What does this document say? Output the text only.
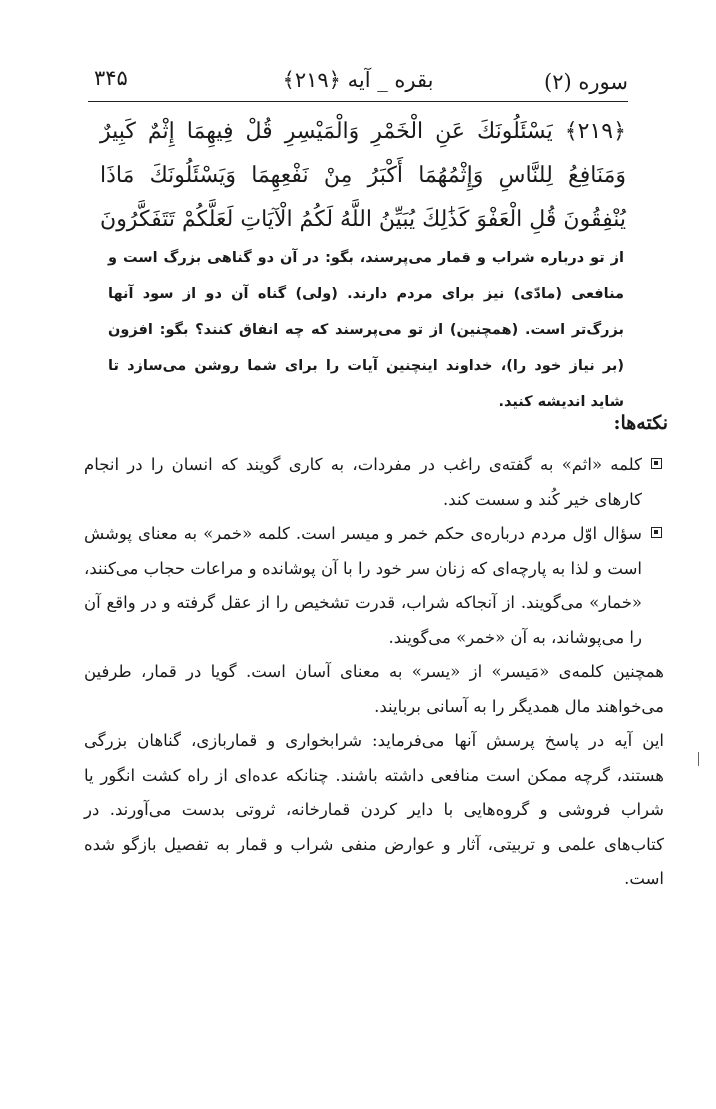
سوره (۲)
بقره _ آیه ﴿۲۱۹﴾
۳۴۵
﴿۲۱۹﴾ يَسْئَلُونَكَ عَنِ الْخَمْرِ وَالْمَيْسِرِ قُلْ فِيهِمَا إِثْمٌ كَبِيرٌ وَمَنَافِعُ لِلنَّاسِ وَإِثْمُهُمَا أَكْبَرُ مِنْ نَفْعِهِمَا وَيَسْئَلُونَكَ مَاذَا يُنْفِقُونَ قُلِ الْعَفْوَ كَذَٰلِكَ يُبَيِّنُ اللَّهُ لَكُمُ الْآيَاتِ لَعَلَّكُمْ تَتَفَكَّرُونَ
از تو درباره شراب و قمار می‌پرسند، بگو: در آن دو گناهی بزرگ است و منافعی (مادّی) نیز برای مردم دارند. (ولی) گناه آن دو از سود آنها بزرگ‌تر است. (همچنین) از تو می‌پرسند که چه انفاق کنند؟ بگو: افزون (بر نیاز خود را)، خداوند اینچنین آیات را برای شما روشن می‌سازد تا شاید اندیشه کنید.
نکته‌ها:
کلمه «اثم» به گفته‌ی راغب در مفردات، به کاری گویند که انسان را در انجام کارهای خیر کُند و سست کند.
سؤال اوّل مردم درباره‌ی حکم خمر و میسر است. کلمه «خمر» به معنای پوشش است و لذا به پارچه‌ای که زنان سر خود را با آن پوشانده و مراعات حجاب می‌کنند، «خمار» می‌گویند. از آنجاکه شراب، قدرت تشخیص را از عقل گرفته و در واقع آن را می‌پوشاند، به آن «خمر» می‌گویند.
همچنین کلمه‌ی «مَیسر» از «یسر» به معنای آسان است. گویا در قمار، طرفین می‌خواهند مال همدیگر را به آسانی بربایند.
این آیه در پاسخ پرسش آنها می‌فرماید: شرابخواری و قماربازی، گناهان بزرگی هستند، گرچه ممکن است منافعی داشته باشند. چنانکه عده‌ای از راه کشت انگور یا شراب فروشی و گروه‌هایی با دایر کردن قمارخانه، ثروتی بدست می‌آورند. در کتاب‌های علمی و تربیتی، آثار و عوارض منفی شراب و قمار به تفصیل بازگو شده است.
